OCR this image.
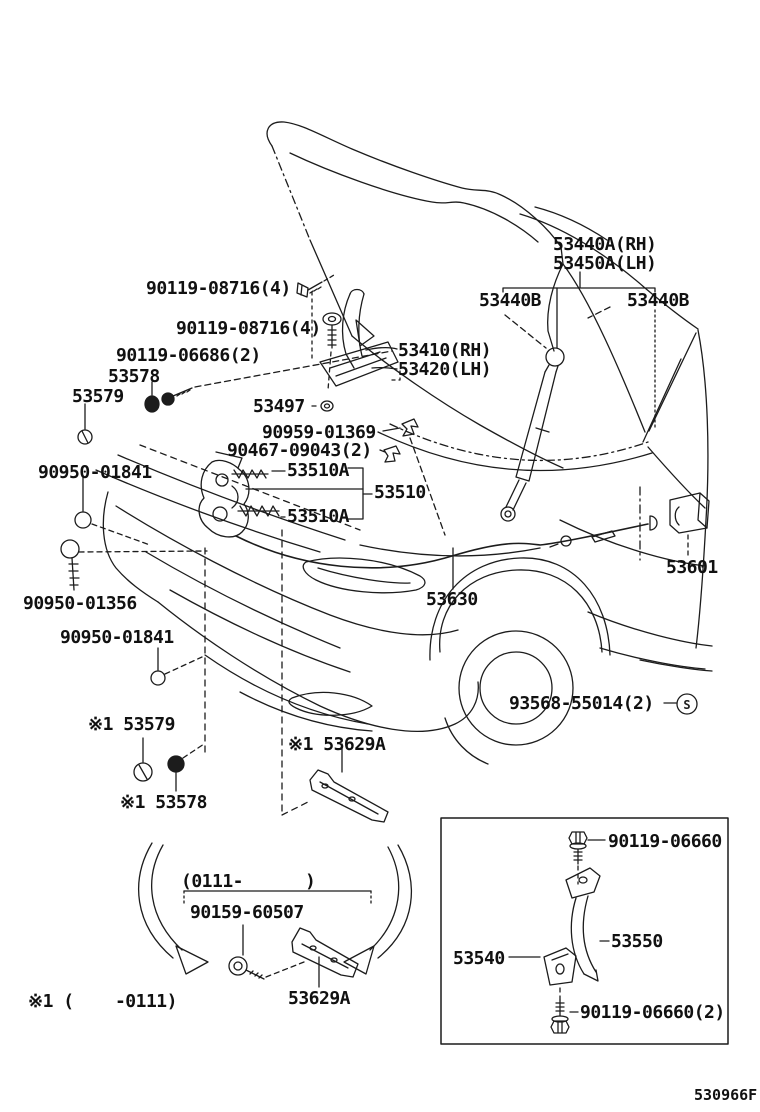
S
53440A(RH)
53450A(LH)
53440B	53440B
90119-08716(4)
90119-08716(4)
90119-06686(2)
53578
53579
53410(RH)
53420(LH)
53497
90959-01369
90467-09043(2)
53510A
53510
53510A
90950-01841
90950-01356
90950-01841
53630
53601
93568-55014(2)
※1 53579
※1 53578
※1 53629A
(0111-      )
90159-60507
53629A
※1 (    -0111)
90119-06660
53550
53540
90119-06660(2)
530966F
